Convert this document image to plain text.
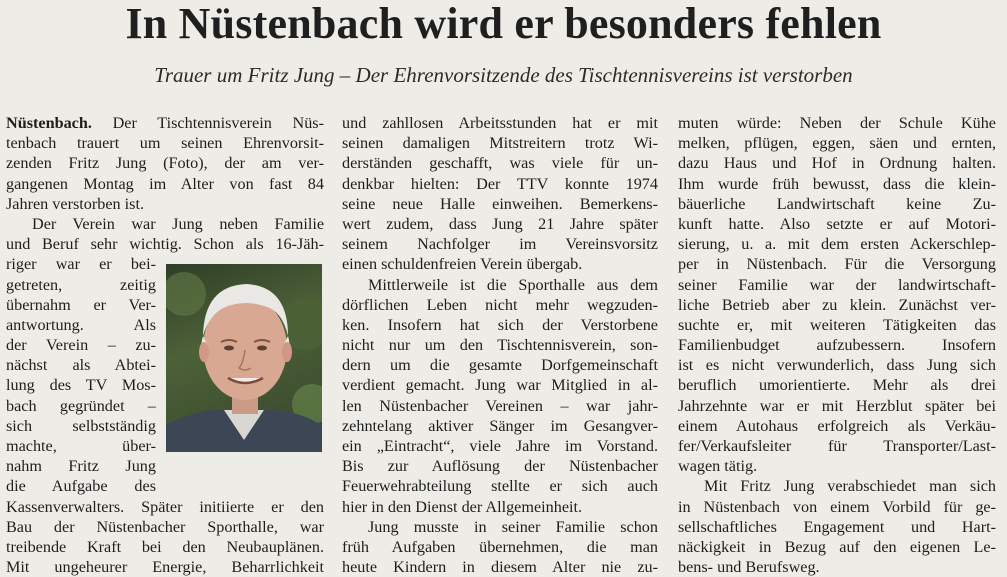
In Nüstenbach wird er besonders fehlen
Trauer um Fritz Jung – Der Ehrenvorsitzende des Tischtennisvereins ist verstorben
Nüstenbach. Der Tischtennisverein Nüs-
tenbach trauert um seinen Ehrenvorsit-
zenden Fritz Jung (Foto), der am ver-
gangenen Montag im Alter von fast 84
Jahren verstorben ist.
Der Verein war Jung neben Familie
und Beruf sehr wichtig. Schon als 16-Jäh-
riger war er bei-
getreten, zeitig
übernahm er Ver-
antwortung. Als
der Verein – zu-
nächst als Abtei-
lung des TV Mos-
bach gegründet –
sich selbstständig
machte, über-
nahm Fritz Jung
die Aufgabe des
Kassenverwalters. Später initiierte er den
Bau der Nüstenbacher Sporthalle, war
treibende Kraft bei den Neubauplänen.
Mit ungeheurer Energie, Beharrlichkeit
und zahllosen Arbeitsstunden hat er mit
seinen damaligen Mitstreitern trotz Wi-
derständen geschafft, was viele für un-
denkbar hielten: Der TTV konnte 1974
seine neue Halle einweihen. Bemerkens-
wert zudem, dass Jung 21 Jahre später
seinem Nachfolger im Vereinsvorsitz
einen schuldenfreien Verein übergab.
Mittlerweile ist die Sporthalle aus dem
dörflichen Leben nicht mehr wegzuden-
ken. Insofern hat sich der Verstorbene
nicht nur um den Tischtennisverein, son-
dern um die gesamte Dorfgemeinschaft
verdient gemacht. Jung war Mitglied in al-
len Nüstenbacher Vereinen – war jahr-
zehntelang aktiver Sänger im Gesangver-
ein „Eintracht“, viele Jahre im Vorstand.
Bis zur Auflösung der Nüstenbacher
Feuerwehrabteilung stellte er sich auch
hier in den Dienst der Allgemeinheit.
Jung musste in seiner Familie schon
früh Aufgaben übernehmen, die man
heute Kindern in diesem Alter nie zu-
muten würde: Neben der Schule Kühe
melken, pflügen, eggen, säen und ernten,
dazu Haus und Hof in Ordnung halten.
Ihm wurde früh bewusst, dass die klein-
bäuerliche Landwirtschaft keine Zu-
kunft hatte. Also setzte er auf Motori-
sierung, u. a. mit dem ersten Ackerschlep-
per in Nüstenbach. Für die Versorgung
seiner Familie war der landwirtschaft-
liche Betrieb aber zu klein. Zunächst ver-
suchte er, mit weiteren Tätigkeiten das
Familienbudget aufzubessern. Insofern
ist es nicht verwunderlich, dass Jung sich
beruflich umorientierte. Mehr als drei
Jahrzehnte war er mit Herzblut später bei
einem Autohaus erfolgreich als Verkäu-
fer/Verkaufsleiter für Transporter/Last-
wagen tätig.
Mit Fritz Jung verabschiedet man sich
in Nüstenbach von einem Vorbild für ge-
sellschaftliches Engagement und Hart-
näckigkeit in Bezug auf den eigenen Le-
bens- und Berufsweg.
